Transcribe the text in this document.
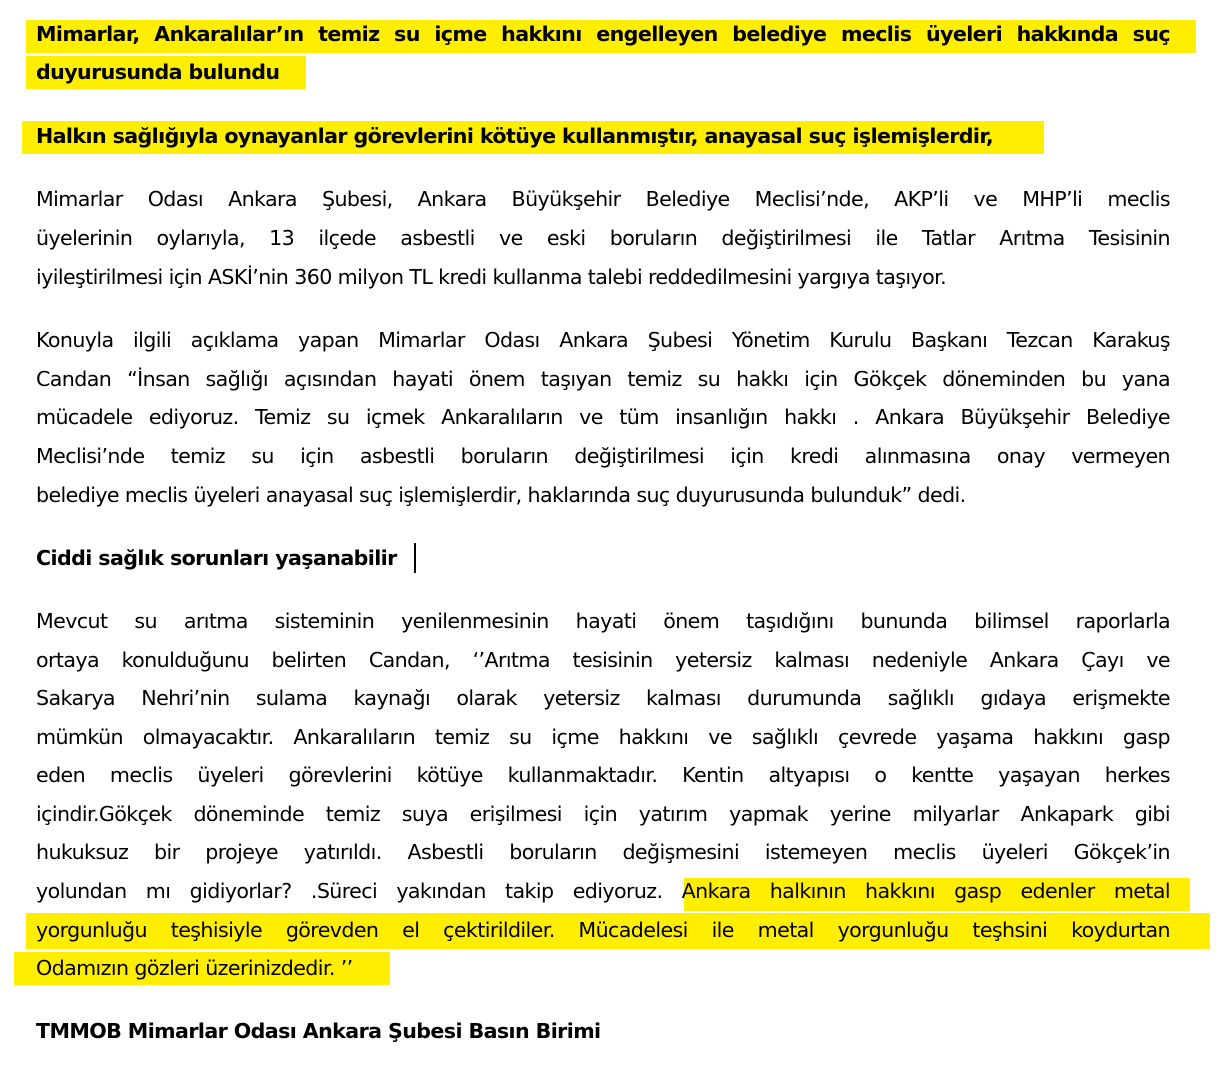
Mimarlar, Ankaralılar’ın temiz su içme hakkını engelleyen belediye meclis üyeleri hakkında suç
duyurusunda bulundu
Halkın sağlığıyla oynayanlar görevlerini kötüye kullanmıştır, anayasal suç işlemişlerdir,
Mimarlar Odası Ankara Şubesi, Ankara Büyükşehir Belediye Meclisi’nde, AKP’li ve MHP’li meclis
üyelerinin oylarıyla, 13 ilçede asbestli ve eski boruların değiştirilmesi ile Tatlar Arıtma Tesisinin
iyileştirilmesi için ASKİ’nin 360 milyon TL kredi kullanma talebi reddedilmesini yargıya taşıyor.
Konuyla ilgili açıklama yapan Mimarlar Odası Ankara Şubesi Yönetim Kurulu Başkanı Tezcan Karakuş
Candan “İnsan sağlığı açısından hayati önem taşıyan temiz su hakkı için Gökçek döneminden bu yana
mücadele ediyoruz. Temiz su içmek Ankaralıların ve tüm insanlığın hakkı . Ankara Büyükşehir Belediye
Meclisi’nde temiz su için asbestli boruların değiştirilmesi için kredi alınmasına onay vermeyen
belediye meclis üyeleri anayasal suç işlemişlerdir, haklarında suç duyurusunda bulunduk” dedi.
Ciddi sağlık sorunları yaşanabilir
Mevcut su arıtma sisteminin yenilenmesinin hayati önem taşıdığını bununda bilimsel raporlarla
ortaya konulduğunu belirten Candan, ‘’Arıtma tesisinin yetersiz kalması nedeniyle Ankara Çayı ve
Sakarya Nehri’nin sulama kaynağı olarak yetersiz kalması durumunda sağlıklı gıdaya erişmekte
mümkün olmayacaktır. Ankaralıların temiz su içme hakkını ve sağlıklı çevrede yaşama hakkını gasp
eden meclis üyeleri görevlerini kötüye kullanmaktadır. Kentin altyapısı o kentte yaşayan herkes
içindir.Gökçek döneminde temiz suya erişilmesi için yatırım yapmak yerine milyarlar Ankapark gibi
hukuksuz bir projeye yatırıldı. Asbestli boruların değişmesini istemeyen meclis üyeleri Gökçek’in
yolundan mı gidiyorlar? .Süreci yakından takip ediyoruz. Ankara halkının hakkını gasp edenler metal
yorgunluğu teşhisiyle görevden el çektirildiler. Mücadelesi ile metal yorgunluğu teşhsini koydurtan
Odamızın gözleri üzerinizdedir. ’’
TMMOB Mimarlar Odası Ankara Şubesi Basın Birimi
